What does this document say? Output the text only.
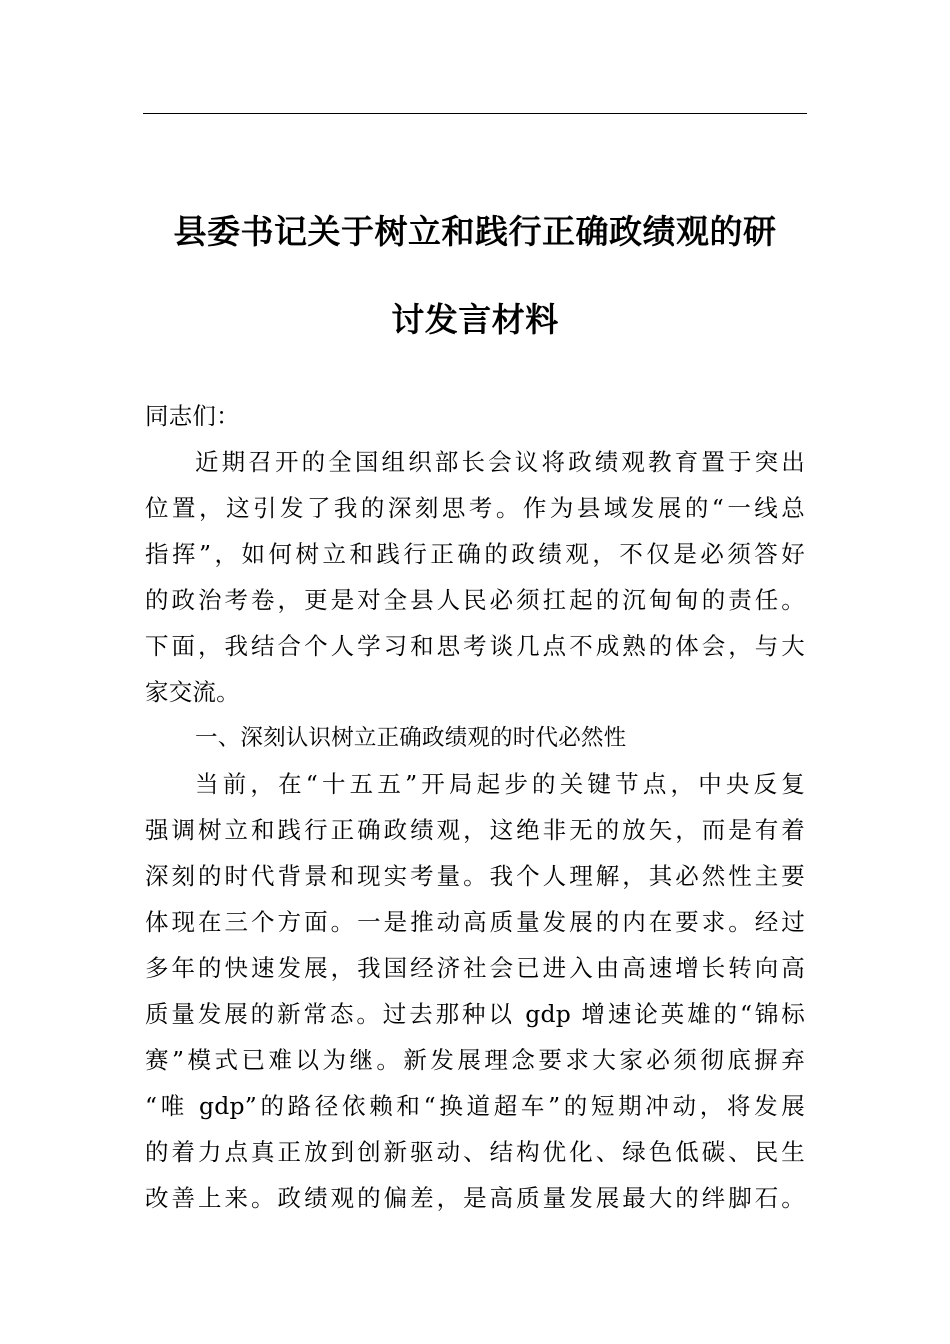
县委书记关于树立和践行正确政绩观的研
讨发言材料
同志们：
近期召开的全国组织部长会议将政绩观教育置于突出
位置，这引发了我的深刻思考。作为县域发展的“一线总
指挥”，如何树立和践行正确的政绩观，不仅是必须答好
的政治考卷，更是对全县人民必须扛起的沉甸甸的责任。
下面，我结合个人学习和思考谈几点不成熟的体会，与大
家交流。
一、深刻认识树立正确政绩观的时代必然性
当前，在“十五五”开局起步的关键节点，中央反复
强调树立和践行正确政绩观，这绝非无的放矢，而是有着
深刻的时代背景和现实考量。我个人理解，其必然性主要
体现在三个方面。一是推动高质量发展的内在要求。经过
多年的快速发展，我国经济社会已进入由高速增长转向高
质量发展的新常态。过去那种以 gdp 增速论英雄的“锦标
赛”模式已难以为继。新发展理念要求大家必须彻底摒弃
“唯 gdp”的路径依赖和“换道超车”的短期冲动，将发展
的着力点真正放到创新驱动、结构优化、绿色低碳、民生
改善上来。政绩观的偏差，是高质量发展最大的绊脚石。
